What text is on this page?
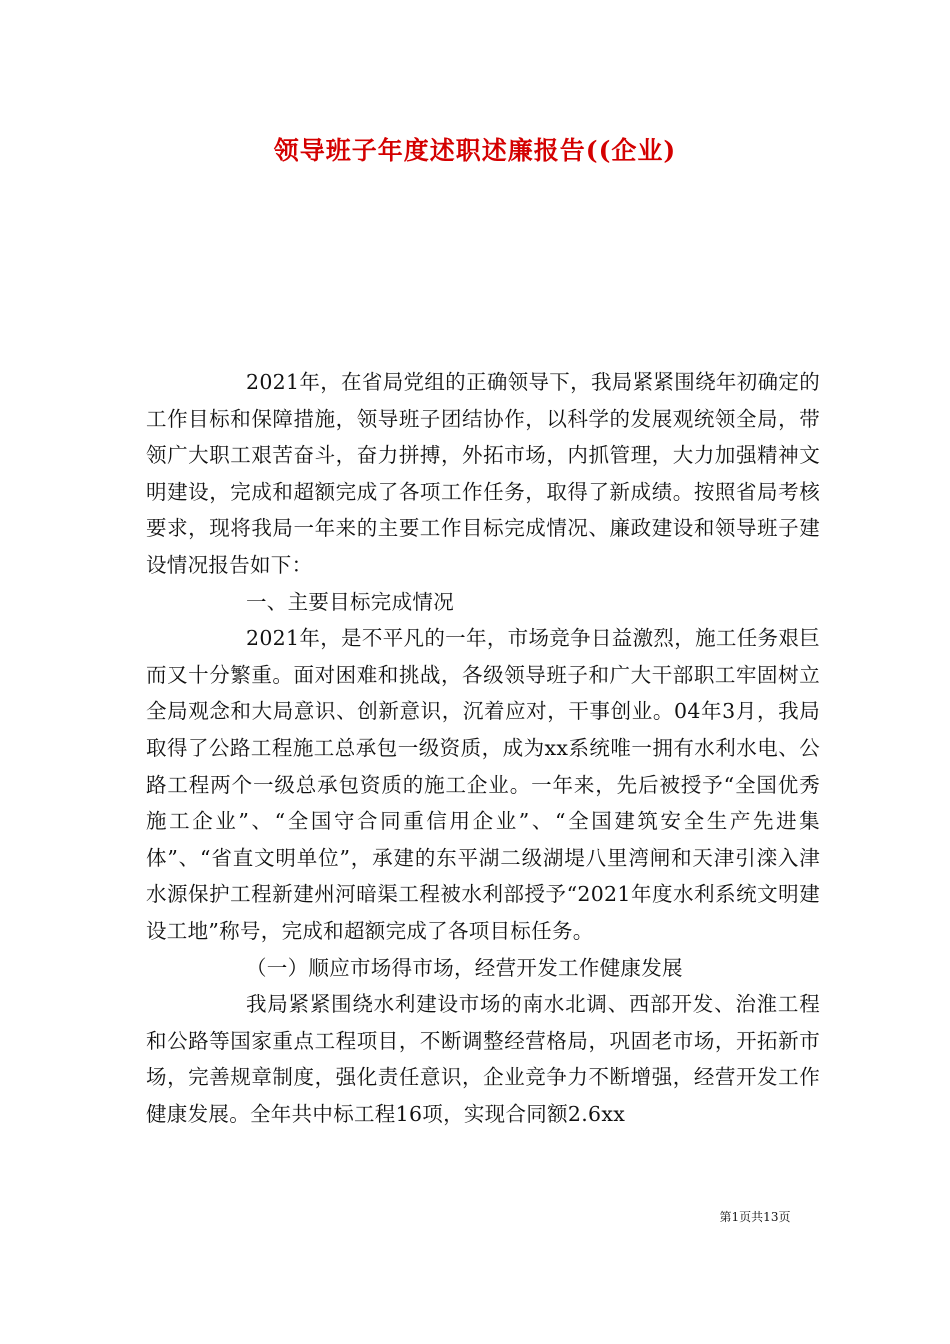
领导班子年度述职述廉报告((企业)

2021年，在省局党组的正确领导下，我局紧紧围绕年初确定的工作目标和保障措施，领导班子团结协作，以科学的发展观统领全局，带领广大职工艰苦奋斗，奋力拼搏，外拓市场，内抓管理，大力加强精神文明建设，完成和超额完成了各项工作任务，取得了新成绩。按照省局考核要求，现将我局一年来的主要工作目标完成情况、廉政建设和领导班子建设情况报告如下：

一、主要目标完成情况

2021年，是不平凡的一年，市场竞争日益激烈，施工任务艰巨而又十分繁重。面对困难和挑战，各级领导班子和广大干部职工牢固树立全局观念和大局意识、创新意识，沉着应对，干事创业。04年3月，我局取得了公路工程施工总承包一级资质，成为xx系统唯一拥有水利水电、公路工程两个一级总承包资质的施工企业。一年来，先后被授予“全国优秀施工企业”、“全国守合同重信用企业”、“全国建筑安全生产先进集体”、“省直文明单位”，承建的东平湖二级湖堤八里湾闸和天津引滦入津水源保护工程新建州河暗渠工程被水利部授予“2021年度水利系统文明建设工地”称号，完成和超额完成了各项目标任务。

（一）顺应市场得市场，经营开发工作健康发展

我局紧紧围绕水利建设市场的南水北调、西部开发、治淮工程和公路等国家重点工程项目，不断调整经营格局，巩固老市场，开拓新市场，完善规章制度，强化责任意识，企业竞争力不断增强，经营开发工作健康发展。全年共中标工程16项，实现合同额2.6xx

第1页共13页
